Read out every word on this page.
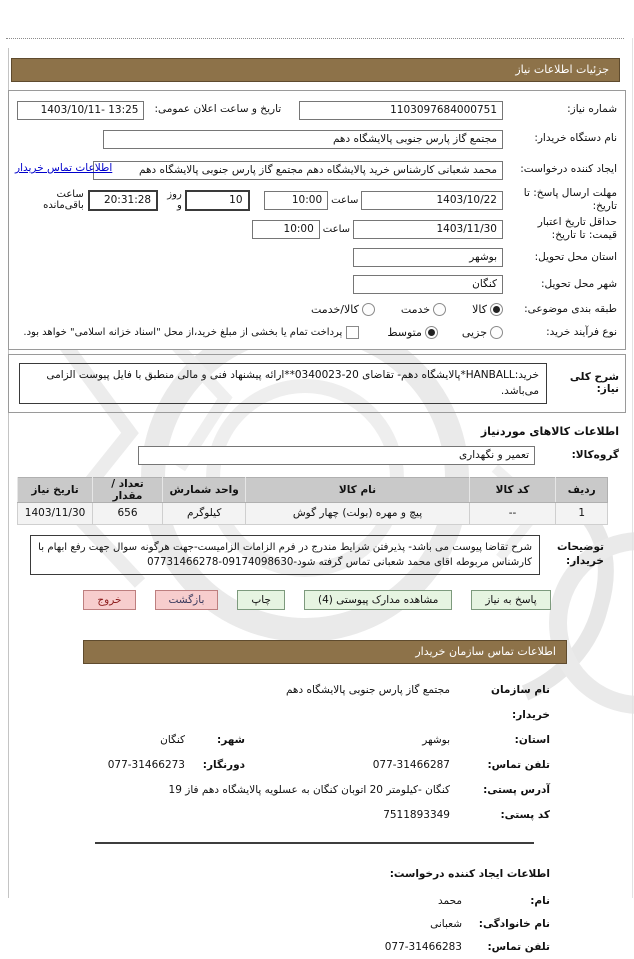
جزئیات اطلاعات نیاز
شماره نیاز:
1103097684000751
تاریخ و ساعت اعلان عمومی:
1403/10/11- 13:25
نام دستگاه خریدار:
مجتمع گاز پارس جنوبی پالایشگاه دهم
ایجاد کننده درخواست:
محمد شعبانی کارشناس خرید پالایشگاه دهم مجتمع گاز پارس جنوبی پالایشگاه دهم
اطلاعات تماس خریدار
مهلت ارسال پاسخ: تا تاریخ:
1403/10/22
ساعت
10:00
10
روز و
20:31:28
ساعت باقی‌مانده
حداقل تاریخ اعتبار قیمت: تا تاریخ:
1403/11/30
ساعت
10:00
استان محل تحویل:
بوشهر
شهر محل تحویل:
کنگان
طبقه بندی موضوعی:
کالا
خدمت
کالا/خدمت
نوع فرآیند خرید:
جزیی
متوسط
پرداخت تمام یا بخشی از مبلغ خرید،از محل "اسناد خزانه اسلامی" خواهد بود.
شرح کلی نیاز:
خرید:HANBALL*پالایشگاه دهم- تقاضای 20-0340023**ارائه پیشنهاد فنی و مالی منطبق با فایل پیوست الزامی می‌باشد.
اطلاعات کالاهای موردنیاز
گروه‌کالا:
تعمیر و نگهداری
ردیف	کد کالا	نام کالا	واحد شمارش	تعداد / مقدار	تاریخ نیاز
1	--	پیچ و مهره (بولت) چهار گوش	کیلوگرم	656	1403/11/30
توضیحات خریدار:
شرح تقاضا پیوست می باشد- پذیرفتن شرایط مندرج در فرم الزامات الزامیست-جهت هرگونه سوال جهت رفع ابهام با کارشناس مربوطه اقای محمد شعبانی تماس گرفته شود-09174098630-07731466278
پاسخ به نیاز
مشاهده مدارک پیوستی (4)
چاپ
بازگشت
خروج
اطلاعات تماس سازمان خریدار
نام سازمان خریدار:
مجتمع گاز پارس جنوبی پالایشگاه دهم
استان:
بوشهر
شهر:
کنگان
تلفن تماس:
077-31466287
دورنگار:
077-31466273
آدرس پستی:
کنگان -کیلومتر 20 اتوبان کنگان به عسلویه پالایشگاه دهم فاز 19
کد پستی:
7511893349
اطلاعات ایجاد کننده درخواست:
نام:
محمد
نام خانوادگی:
شعبانی
تلفن تماس:
077-31466283
